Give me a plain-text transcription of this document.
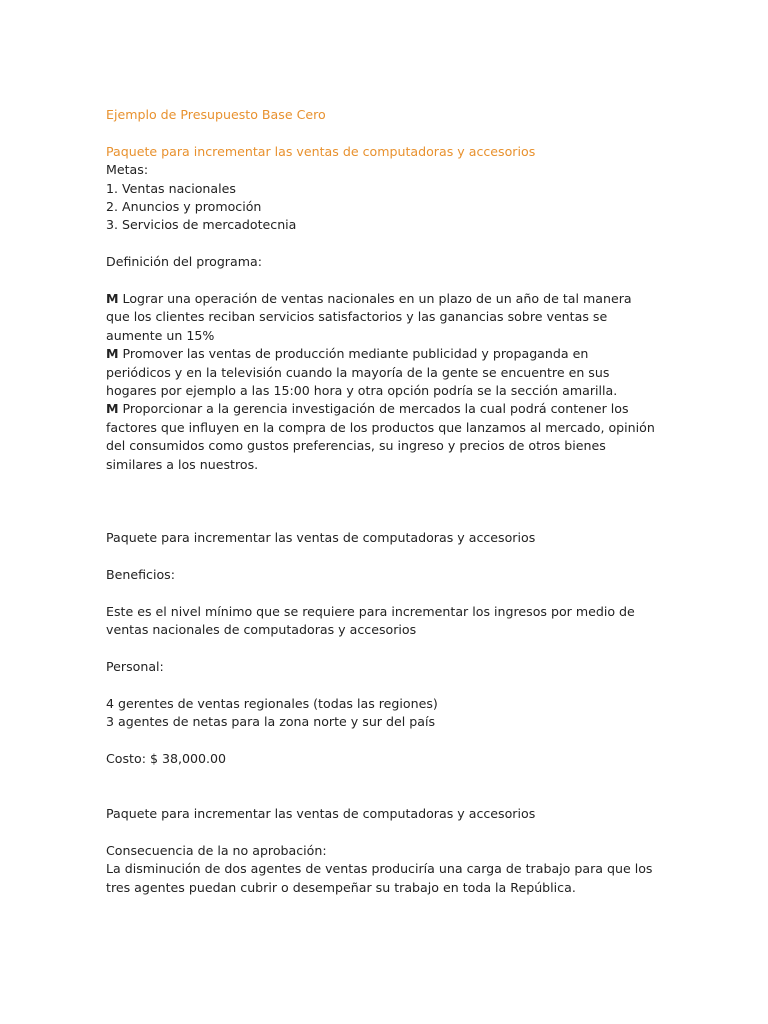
Ejemplo de Presupuesto Base Cero
Paquete para incrementar las ventas de computadoras y accesorios
Metas:
1. Ventas nacionales
2. Anuncios y promoción
3. Servicios de mercadotecnia
Definición del programa:
M Lograr una operación de ventas nacionales en un plazo de un año de tal manera que los clientes reciban servicios satisfactorios y las ganancias sobre ventas se aumente un 15%
M Promover las ventas de producción mediante publicidad y propaganda en periódicos y en la televisión cuando la mayoría de la gente se encuentre en sus hogares por ejemplo a las 15:00 hora y otra opción podría se la sección amarilla.
M Proporcionar a la gerencia investigación de mercados la cual podrá contener los factores que influyen en la compra de los productos que lanzamos al mercado, opinión del consumidos como gustos preferencias, su ingreso y precios de otros bienes similares a los nuestros.
Paquete para incrementar las ventas de computadoras y accesorios
Beneficios:
Este es el nivel mínimo que se requiere para incrementar los ingresos por medio de ventas nacionales de computadoras y accesorios
Personal:
4 gerentes de ventas regionales (todas las regiones)
3 agentes de netas para la zona norte y sur del país
Costo: $ 38,000.00
Paquete para incrementar las ventas de computadoras y accesorios
Consecuencia de la no aprobación:
La disminución de dos agentes de ventas produciría una carga de trabajo para que los tres agentes puedan cubrir o desempeñar su trabajo en toda la República.
